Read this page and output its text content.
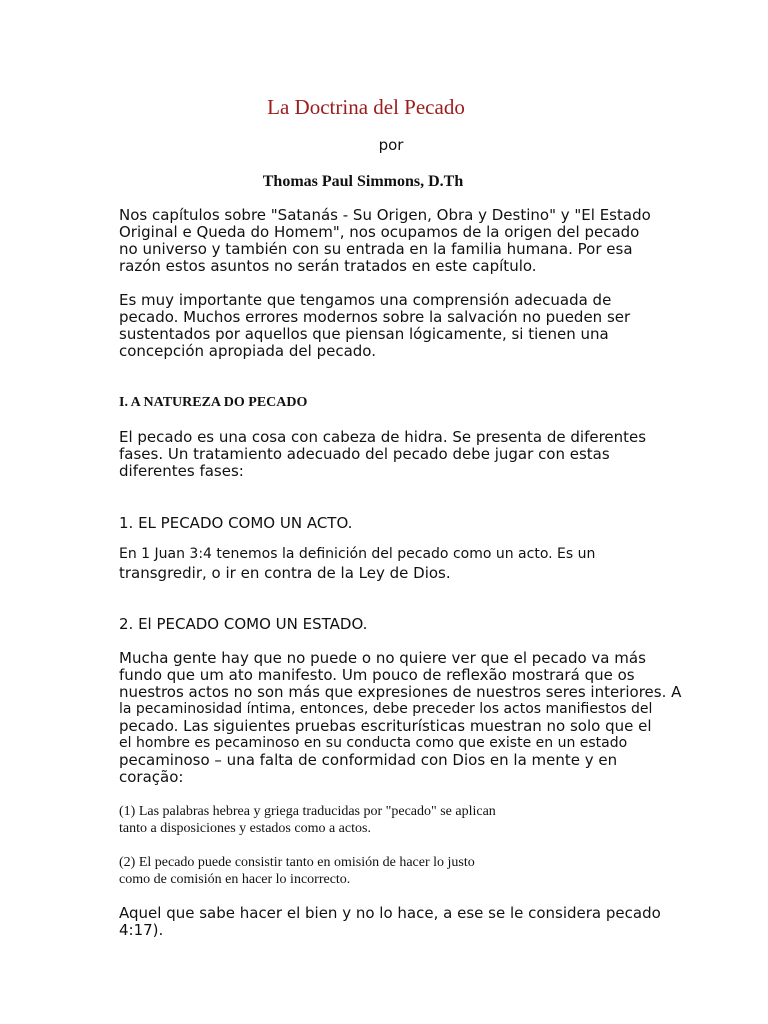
La Doctrina del Pecado
por
Thomas Paul Simmons, D.Th
Nos capítulos sobre "Satanás - Su Origen, Obra y Destino" y "El Estado
Original e Queda do Homem", nos ocupamos de la origen del pecado
no universo y también con su entrada en la familia humana. Por esa
razón estos asuntos no serán tratados en este capítulo.
Es muy importante que tengamos una comprensión adecuada de
pecado. Muchos errores modernos sobre la salvación no pueden ser
sustentados por aquellos que piensan lógicamente, si tienen una
concepción apropiada del pecado.
I. A NATUREZA DO PECADO
El pecado es una cosa con cabeza de hidra. Se presenta de diferentes
fases. Un tratamiento adecuado del pecado debe jugar con estas
diferentes fases:
1. EL PECADO COMO UN ACTO.
En 1 Juan 3:4 tenemos la definición del pecado como un acto. Es un
transgredir, o ir en contra de la Ley de Dios.
2. El PECADO COMO UN ESTADO.
Mucha gente hay que no puede o no quiere ver que el pecado va más
fundo que um ato manifesto. Um pouco de reflexão mostrará que os
nuestros actos no son más que expresiones de nuestros seres interiores. A
la pecaminosidad íntima, entonces, debe preceder los actos manifiestos del
pecado. Las siguientes pruebas escriturísticas muestran no solo que el
el hombre es pecaminoso en su conducta como que existe en un estado
pecaminoso – una falta de conformidad con Dios en la mente y en
coração:
(1) Las palabras hebrea y griega traducidas por "pecado" se aplican
tanto a disposiciones y estados como a actos.
(2) El pecado puede consistir tanto en omisión de hacer lo justo
como de comisión en hacer lo incorrecto.
Aquel que sabe hacer el bien y no lo hace, a ese se le considera pecado
4:17).
